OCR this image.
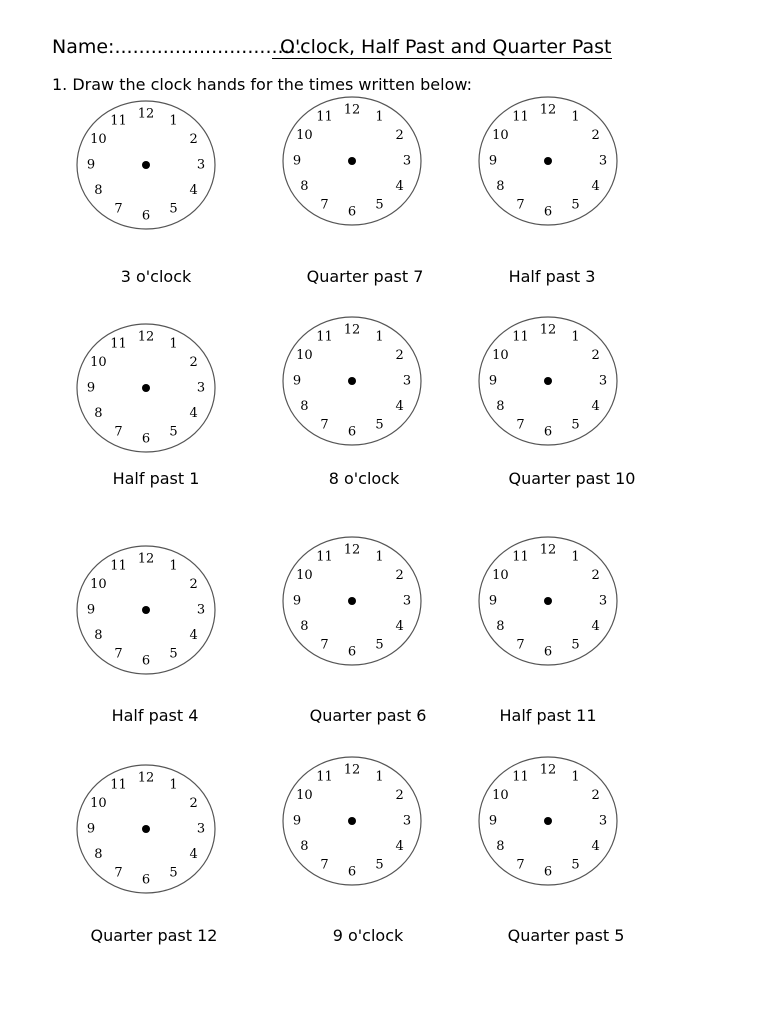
Name:................................
O'clock, Half Past and Quarter Past
1. Draw the clock hands for the times written below:
12 1
2
3
4
5
6
7
8
9
10
11
3 o'clock
12 1
2
3
4
5
6
7
8
9
10
11
Quarter past 7
12 1
2
3
4
5
6
7
8
9
10
11
Half past 3
12 1
2
3
4
5
6
7
8
9
10
11
Half past 1
12 1
2
3
4
5
6
7
8
9
10
11
8 o'clock
12 1
2
3
4
5
6
7
8
9
10
11
Quarter past 10
12 1
2
3
4
5
6
7
8
9
10
11
Half past 4
12 1
2
3
4
5
6
7
8
9
10
11
Quarter past 6
12 1
2
3
4
5
6
7
8
9
10
11
Half past 11
12 1
2
3
4
5
6
7
8
9
10
11
Quarter past 12
12 1
2
3
4
5
6
7
8
9
10
11
9 o'clock
12 1
2
3
4
5
6
7
8
9
10
11
Quarter past 5
